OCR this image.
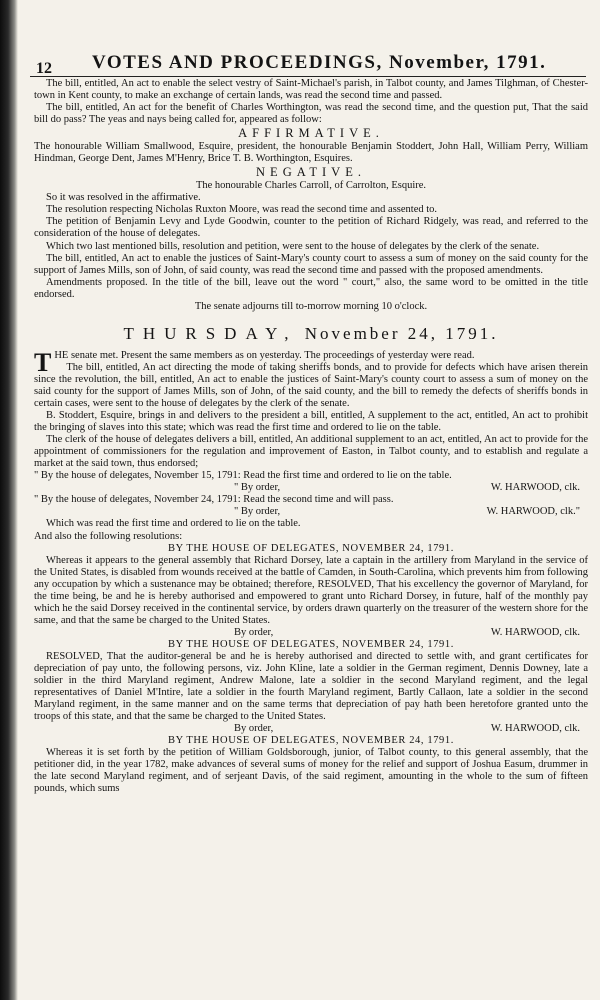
12 VOTES AND PROCEEDINGS, November, 1791.

The bill, entitled, An act to enable the select vestry of Saint-Michael's parish, in Talbot county, and James Tilghman, of Chester-town in Kent county, to make an exchange of certain lands, was read the second time and passed.

The bill, entitled, An act for the benefit of Charles Worthington, was read the second time, and the question put, That the said bill do pass? The yeas and nays being called for, appeared as follow:

AFFIRMATIVE.

The honourable William Smallwood, Esquire, president, the honourable Benjamin Stoddert, John Hall, William Perry, William Hindman, George Dent, James M'Henry, Brice T. B. Worthington, Esquires.

NEGATIVE.

The honourable Charles Carroll, of Carrolton, Esquire.

So it was resolved in the affirmative.

The resolution respecting Nicholas Ruxton Moore, was read the second time and assented to.

The petition of Benjamin Levy and Lyde Goodwin, counter to the petition of Richard Ridgely, was read, and referred to the consideration of the house of delegates.

Which two last mentioned bills, resolution and petition, were sent to the house of delegates by the clerk of the senate.

The bill, entitled, An act to enable the justices of Saint-Mary's county court to assess a sum of money on the said county for the support of James Mills, son of John, of said county, was read the second time and passed with the proposed amendments.

Amendments proposed. In the title of the bill, leave out the word " court," also, the same word to be omitted in the title endorsed.

The senate adjourns till to-morrow morning 10 o'clock.

THURSDAY, November 24, 1791.

THE senate met. Present the same members as on yesterday. The proceedings of yesterday were read.

The bill, entitled, An act directing the mode of taking sheriffs bonds, and to provide for defects which have arisen therein since the revolution, the bill, entitled, An act to enable the justices of Saint-Mary's county court to assess a sum of money on the said county for the support of James Mills, son of John, of the said county, and the bill to remedy the defects of sheriffs bonds in certain cases, were sent to the house of delegates by the clerk of the senate.

B. Stoddert, Esquire, brings in and delivers to the president a bill, entitled, A supplement to the act, entitled, An act to prohibit the bringing of slaves into this state; which was read the first time and ordered to lie on the table.

The clerk of the house of delegates delivers a bill, entitled, An additional supplement to an act, entitled, An act to provide for the appointment of commissioners for the regulation and improvement of Easton, in Talbot county, and to establish and regulate a market at the said town, thus endorsed;

" By the house of delegates, November 15, 1791: Read the first time and ordered to lie on the table.

" By order,	W. HARWOOD, clk.

" By the house of delegates, November 24, 1791: Read the second time and will pass.

" By order,	W. HARWOOD, clk."

Which was read the first time and ordered to lie on the table.

And also the following resolutions:

BY THE HOUSE OF DELEGATES, NOVEMBER 24, 1791.

Whereas it appears to the general assembly that Richard Dorsey, late a captain in the artillery from Maryland in the service of the United States, is disabled from wounds received at the battle of Camden, in South-Carolina, which prevents him from following any occupation by which a sustenance may be obtained; therefore, RESOLVED, That his excellency the governor of Maryland, for the time being, be and he is hereby authorised and empowered to grant unto Richard Dorsey, in future, half of the monthly pay which he the said Dorsey received in the continental service, by orders drawn quarterly on the treasurer of the western shore for the same, and that the same be charged to the United States.

By order,	W. HARWOOD, clk.

BY THE HOUSE OF DELEGATES, NOVEMBER 24, 1791.

RESOLVED, That the auditor-general be and he is hereby authorised and directed to settle with, and grant certificates for depreciation of pay unto, the following persons, viz. John Kline, late a soldier in the German regiment, Dennis Downey, late a soldier in the third Maryland regiment, Andrew Malone, late a soldier in the second Maryland regiment, and the legal representatives of Daniel M'Intire, late a soldier in the fourth Maryland regiment, Bartly Callaon, late a soldier in the second Maryland regiment, in the same manner and on the same terms that depreciation of pay hath been heretofore granted unto the troops of this state, and that the same be charged to the United States.

By order,	W. HARWOOD, clk.

BY THE HOUSE OF DELEGATES, NOVEMBER 24, 1791.

Whereas it is set forth by the petition of William Goldsborough, junior, of Talbot county, to this general assembly, that the petitioner did, in the year 1782, make advances of several sums of money for the relief and support of Joshua Easum, drummer in the late second Maryland regiment, and of serjeant Davis, of the said regiment, amounting in the whole to the sum of fifteen pounds, which sums
